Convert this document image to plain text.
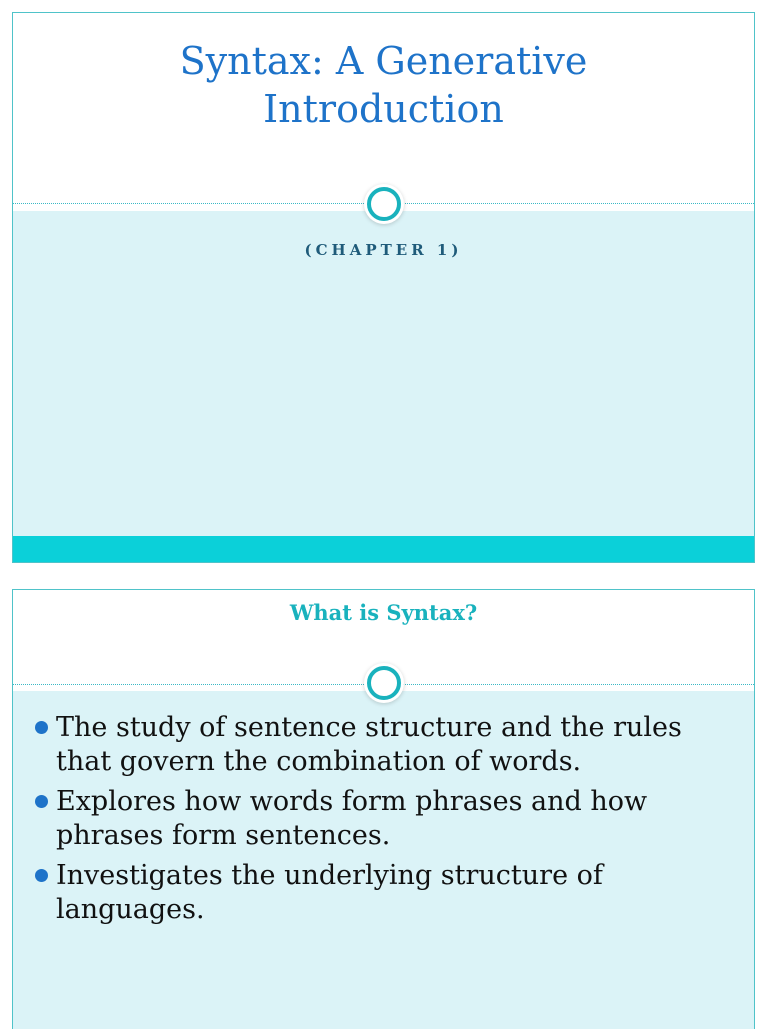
Syntax: A Generative
Introduction
(CHAPTER 1)
What is Syntax?
The study of sentence structure and the rules that govern the combination of words.
Explores how words form phrases and how phrases form sentences.
Investigates the underlying structure of languages.
